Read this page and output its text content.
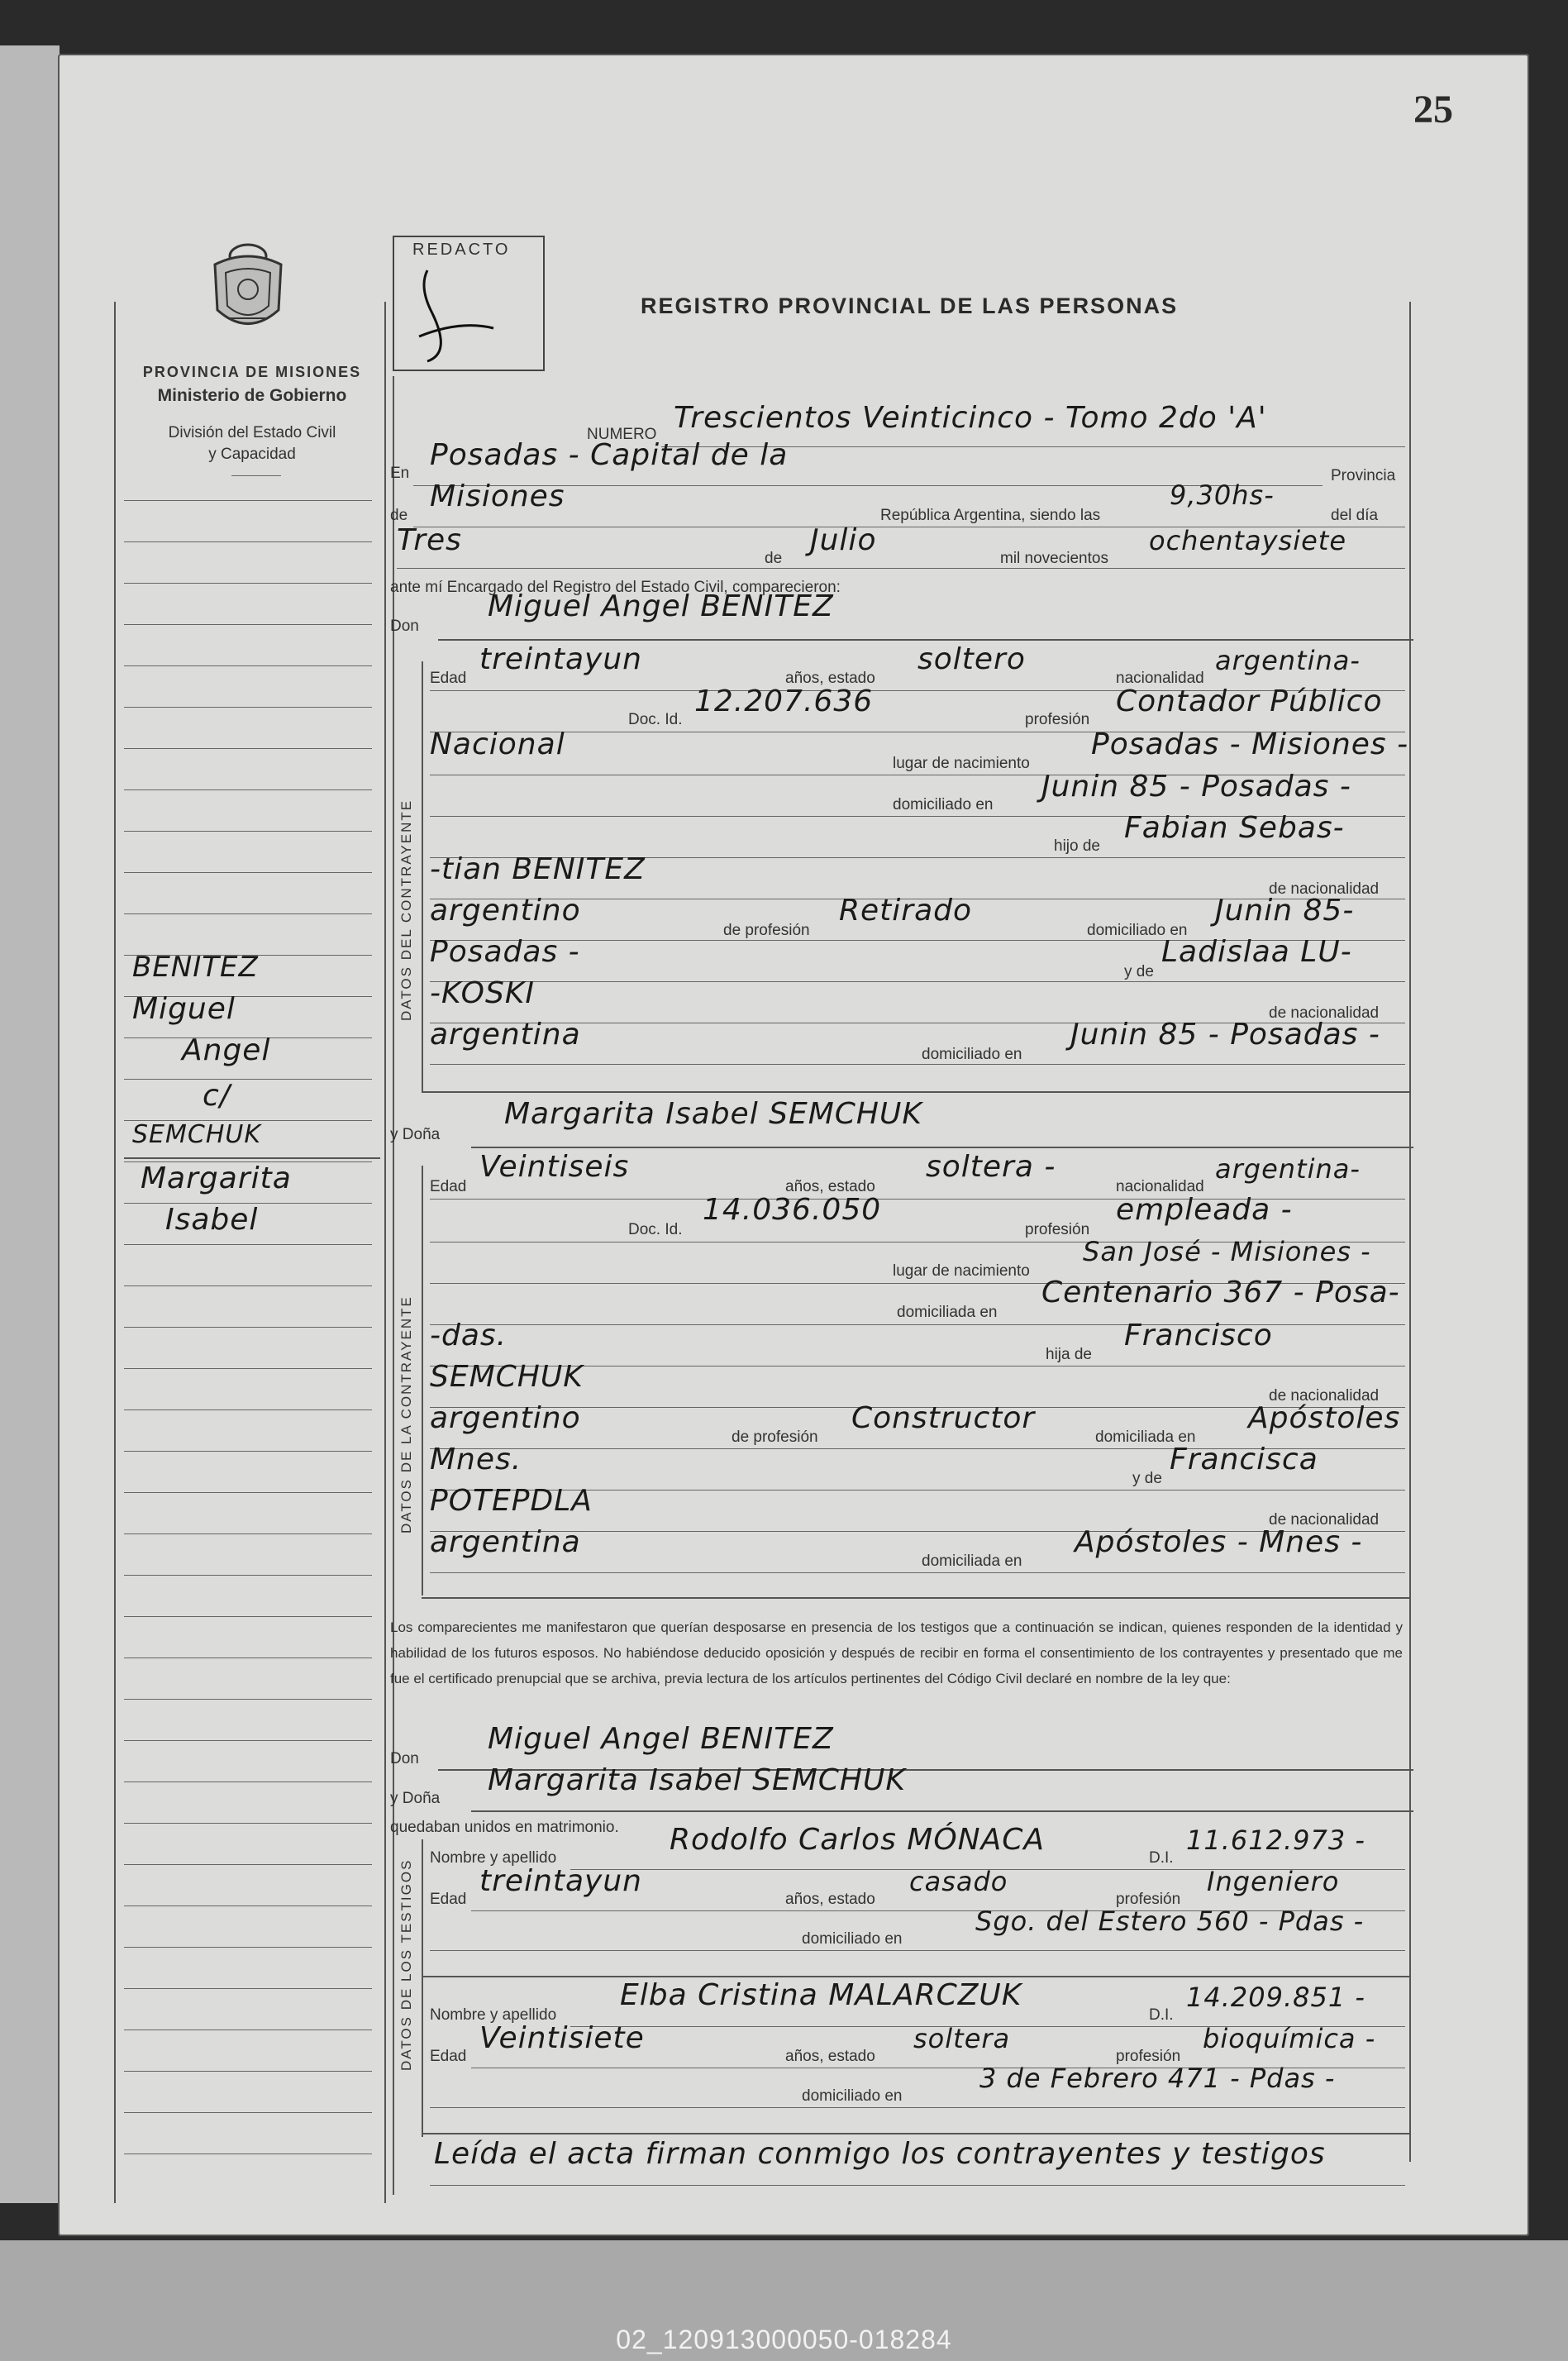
25
PROVINCIA DE MISIONES
Ministerio de Gobierno
División del Estado Civil
y Capacidad
REDACTO
REGISTRO PROVINCIAL DE LAS PERSONAS
BENITEZ
Miguel
Angel
c/
SEMCHUK
Margarita
Isabel
NUMERO Trescientos Veinticinco - Tomo 2do 'A'
En
Posadas - Capital de la
Provincia
de
Misiones
República Argentina, siendo las
9,30hs-
del día
Tres
de
Julio
mil novecientos
ochentaysiete
ante mí Encargado del Registro del Estado Civil, comparecieron:
Don
Miguel Angel BENITEZ
DATOS DEL CONTRAYENTE
Edad
treintayun
años, estado
soltero
nacionalidad
argentina-
Doc. Id.
12.207.636
profesión
Contador Público
Nacional
lugar de nacimiento
Posadas - Misiones -
domiciliado en
Junin 85 - Posadas -
hijo de
Fabian Sebas-
-tian BENITEZ
de nacionalidad
argentino
de profesión
Retirado
domiciliado en
Junin 85-
Posadas -
y de
Ladislaa LU-
-KOSKI
de nacionalidad
argentina
domiciliado en
Junin 85 - Posadas -
y Doña
Margarita Isabel SEMCHUK
DATOS DE LA CONTRAYENTE
Edad
Veintiseis
años, estado
soltera -
nacionalidad
argentina-
Doc. Id.
14.036.050
profesión
empleada -
lugar de nacimiento
San José - Misiones -
domiciliada en
Centenario 367 - Posa-
-das.
hija de
Francisco
SEMCHUK
de nacionalidad
argentino
de profesión
Constructor
domiciliada en
Apóstoles
Mnes.
y de
Francisca
POTEPDLA
de nacionalidad
argentina
domiciliada en
Apóstoles - Mnes -
Los comparecientes me manifestaron que querían desposarse en presencia de los testigos que a continuación se indican, quienes responden de la identidad y habilidad de los futuros esposos. No habiéndose deducido oposición y después de recibir en forma el consentimiento de los contrayentes y presentado que me fue el certificado prenupcial que se archiva, previa lectura de los artículos pertinentes del Código Civil declaré en nombre de la ley que:
Don
Miguel Angel BENITEZ
y Doña
Margarita Isabel SEMCHUK
quedaban unidos en matrimonio.
DATOS DE LOS TESTIGOS
Nombre y apellido
Rodolfo Carlos MÓNACA
D.I.
11.612.973 -
Edad
treintayun
años, estado
casado
profesión
Ingeniero
domiciliado en
Sgo. del Estero 560 - Pdas -
Nombre y apellido
Elba Cristina MALARCZUK
D.I.
14.209.851 -
Edad
Veintisiete
años, estado
soltera
profesión
bioquímica -
domiciliado en
3 de Febrero 471 - Pdas -
Leída el acta firman conmigo los contrayentes y testigos
02_120913000050-018284
